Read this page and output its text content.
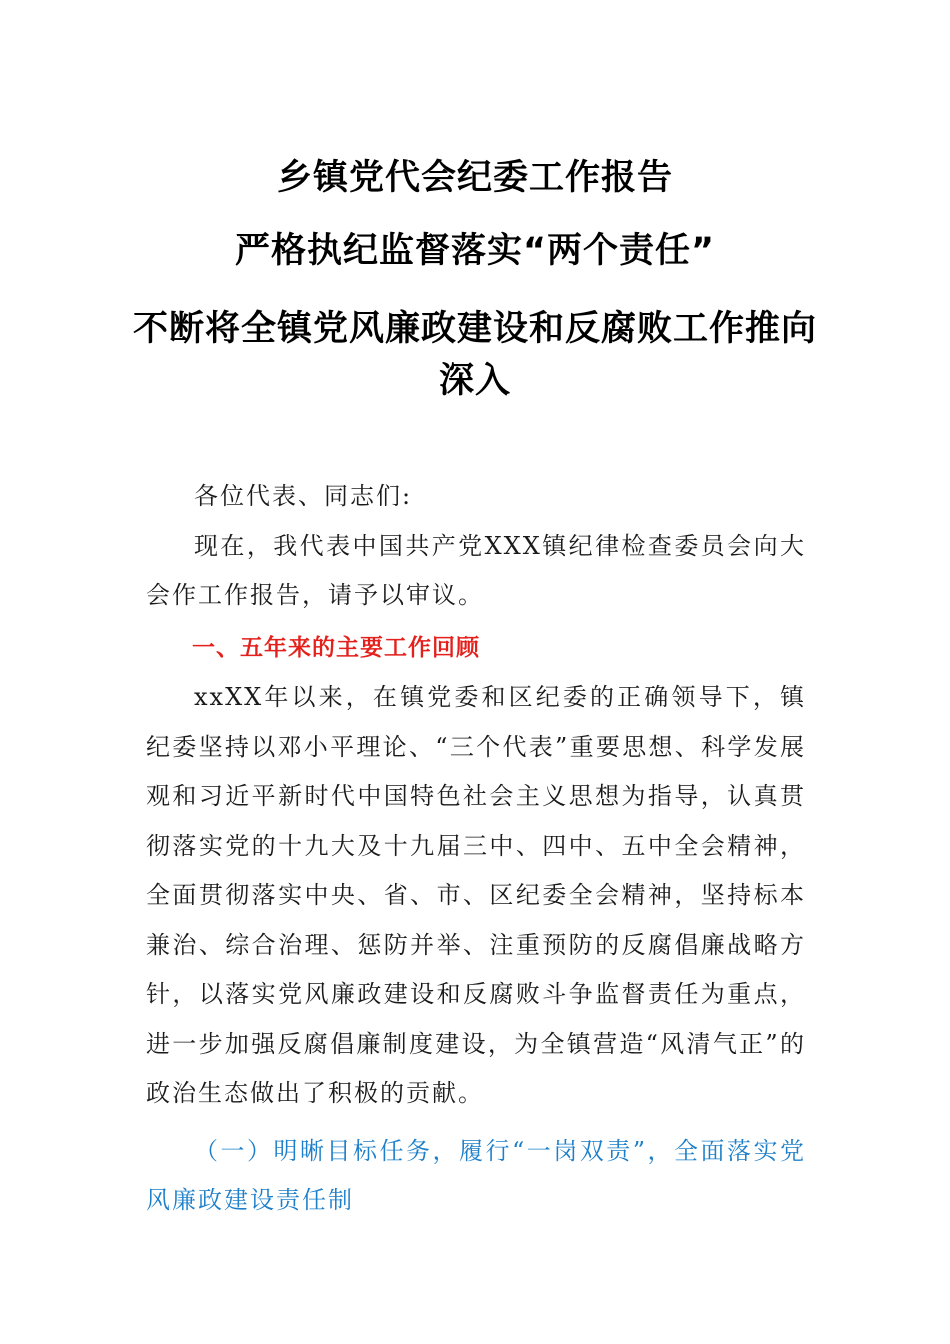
乡镇党代会纪委工作报告
严格执纪监督落实“两个责任”
不断将全镇党风廉政建设和反腐败工作推向深入

各位代表、同志们:

现在，我代表中国共产党XXX镇纪律检查委员会向大会作工作报告，请予以审议。

一、五年来的主要工作回顾

xxXX年以来，在镇党委和区纪委的正确领导下，镇纪委坚持以邓小平理论、“三个代表”重要思想、科学发展观和习近平新时代中国特色社会主义思想为指导，认真贯彻落实党的十九大及十九届三中、四中、五中全会精神，全面贯彻落实中央、省、市、区纪委全会精神，坚持标本兼治、综合治理、惩防并举、注重预防的反腐倡廉战略方针，以落实党风廉政建设和反腐败斗争监督责任为重点，进一步加强反腐倡廉制度建设，为全镇营造“风清气正”的政治生态做出了积极的贡献。

（一）明晰目标任务，履行“一岗双责”，全面落实党风廉政建设责任制
